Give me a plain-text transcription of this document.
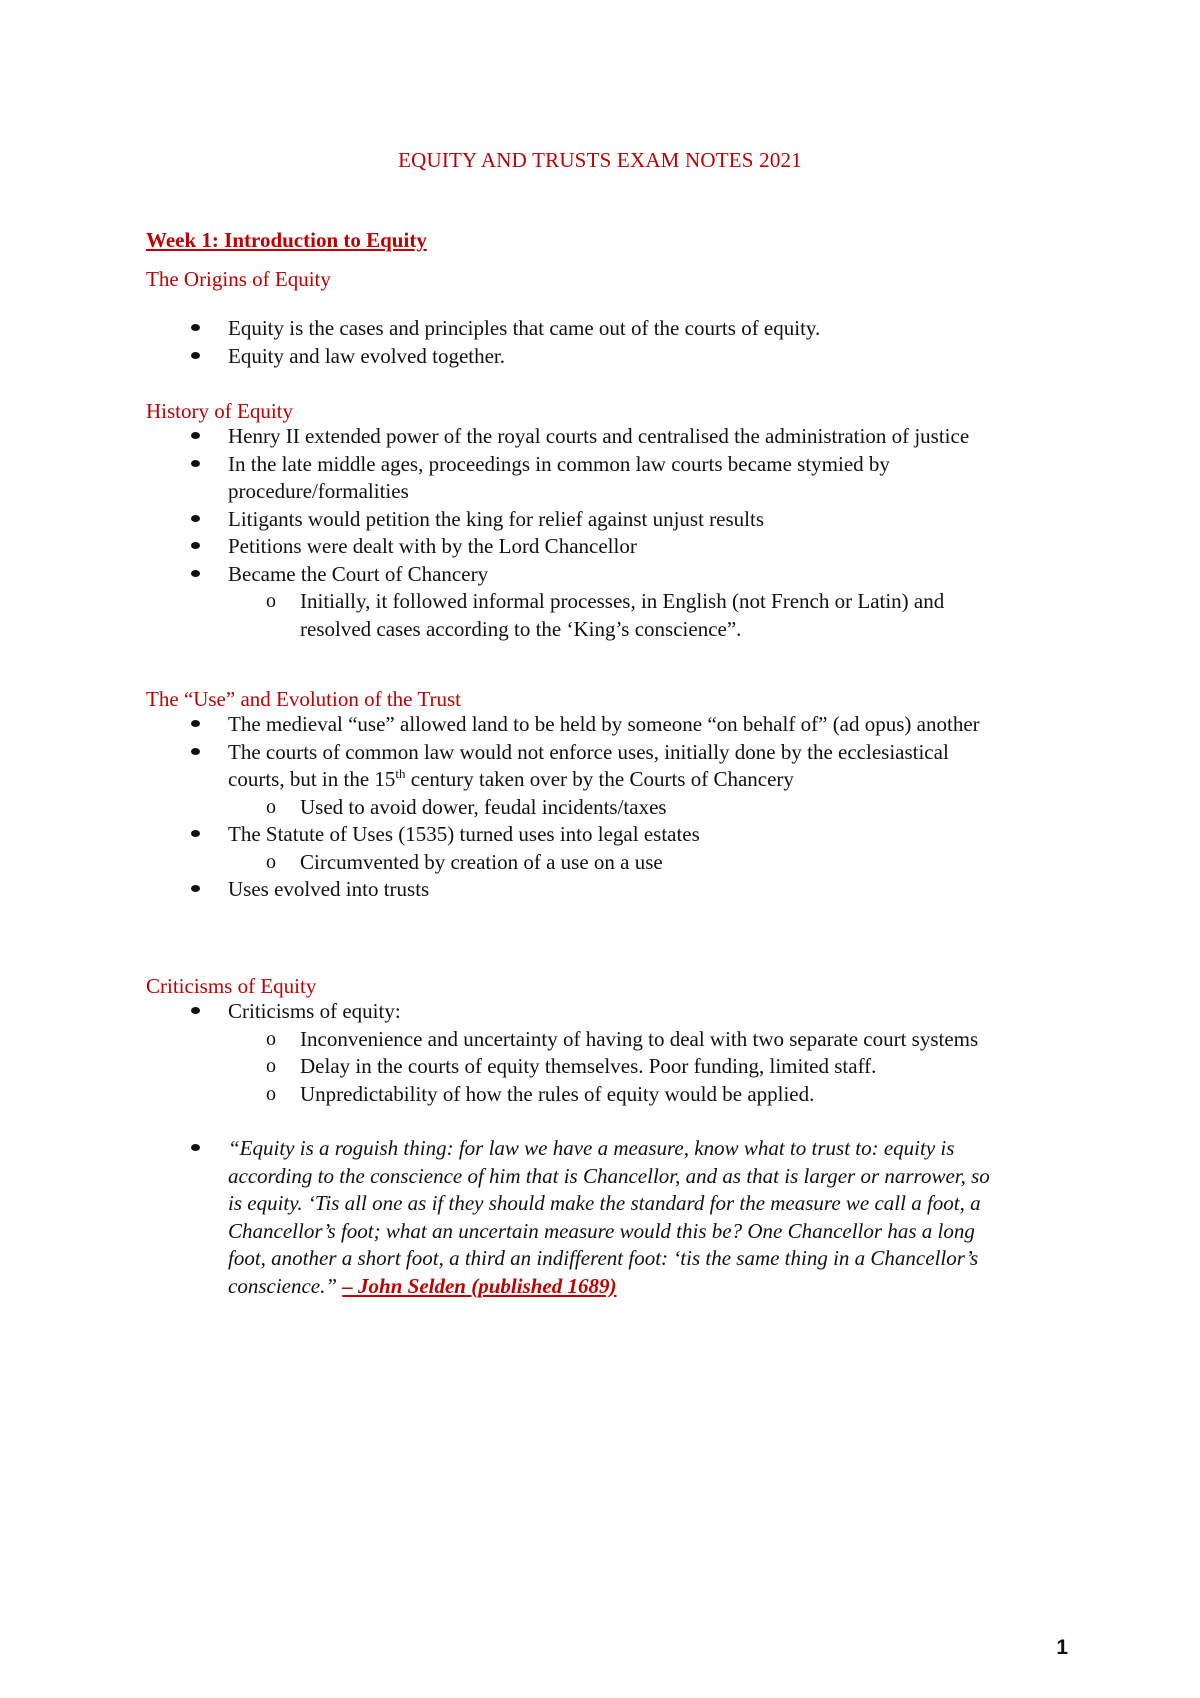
EQUITY AND TRUSTS EXAM NOTES 2021
Week 1: Introduction to Equity
The Origins of Equity
Equity is the cases and principles that came out of the courts of equity.
Equity and law evolved together.
History of Equity
Henry II extended power of the royal courts and centralised the administration of justice
In the late middle ages, proceedings in common law courts became stymied by procedure/formalities
Litigants would petition the king for relief against unjust results
Petitions were dealt with by the Lord Chancellor
Became the Court of Chancery
o Initially, it followed informal processes, in English (not French or Latin) and resolved cases according to the ‘King’s conscience”.
The “Use” and Evolution of the Trust
The medieval “use” allowed land to be held by someone “on behalf of” (ad opus) another
The courts of common law would not enforce uses, initially done by the ecclesiastical courts, but in the 15th century taken over by the Courts of Chancery
o Used to avoid dower, feudal incidents/taxes
The Statute of Uses (1535) turned uses into legal estates
o Circumvented by creation of a use on a use
Uses evolved into trusts
Criticisms of Equity
Criticisms of equity:
o Inconvenience and uncertainty of having to deal with two separate court systems
o Delay in the courts of equity themselves. Poor funding, limited staff.
o Unpredictability of how the rules of equity would be applied.
“Equity is a roguish thing: for law we have a measure, know what to trust to: equity is according to the conscience of him that is Chancellor, and as that is larger or narrower, so is equity. ‘Tis all one as if they should make the standard for the measure we call a foot, a Chancellor’s foot; what an uncertain measure would this be? One Chancellor has a long foot, another a short foot, a third an indifferent foot: ‘tis the same thing in a Chancellor’s conscience.” – John Selden (published 1689)
1
